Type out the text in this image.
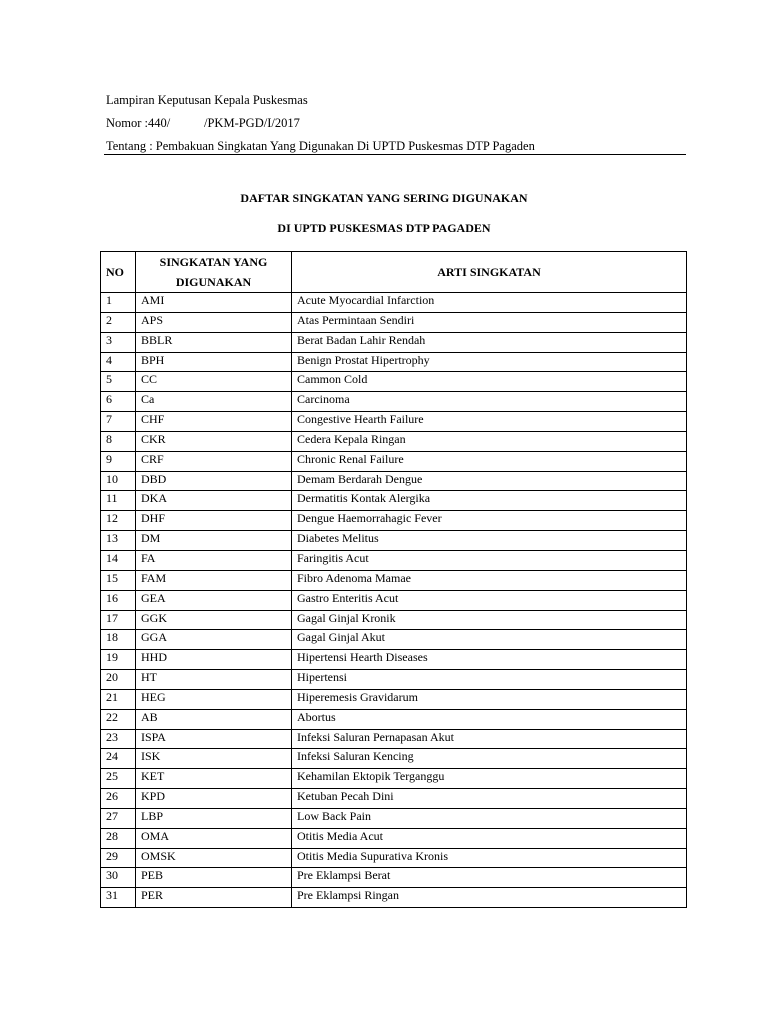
Lampiran Keputusan Kepala Puskesmas
Nomor :440/	/PKM-PGD/I/2017
Tentang : Pembakuan Singkatan Yang Digunakan Di UPTD Puskesmas DTP Pagaden
DAFTAR SINGKATAN YANG SERING DIGUNAKAN
DI UPTD PUSKESMAS DTP PAGADEN
NO	SINGKATAN YANG DIGUNAKAN	ARTI SINGKATAN
1	AMI	Acute Myocardial Infarction
2	APS	Atas Permintaan Sendiri
3	BBLR	Berat Badan Lahir Rendah
4	BPH	Benign Prostat Hipertrophy
5	CC	Cammon Cold
6	Ca	Carcinoma
7	CHF	Congestive Hearth Failure
8	CKR	Cedera Kepala Ringan
9	CRF	Chronic Renal Failure
10	DBD	Demam Berdarah Dengue
11	DKA	Dermatitis Kontak Alergika
12	DHF	Dengue Haemorrahagic Fever
13	DM	Diabetes Melitus
14	FA	Faringitis Acut
15	FAM	Fibro Adenoma Mamae
16	GEA	Gastro Enteritis Acut
17	GGK	Gagal Ginjal Kronik
18	GGA	Gagal Ginjal Akut
19	HHD	Hipertensi Hearth Diseases
20	HT	Hipertensi
21	HEG	Hiperemesis Gravidarum
22	AB	Abortus
23	ISPA	Infeksi Saluran Pernapasan Akut
24	ISK	Infeksi Saluran Kencing
25	KET	Kehamilan Ektopik Terganggu
26	KPD	Ketuban Pecah Dini
27	LBP	Low Back Pain
28	OMA	Otitis Media Acut
29	OMSK	Otitis Media Supurativa Kronis
30	PEB	Pre Eklampsi Berat
31	PER	Pre Eklampsi Ringan
